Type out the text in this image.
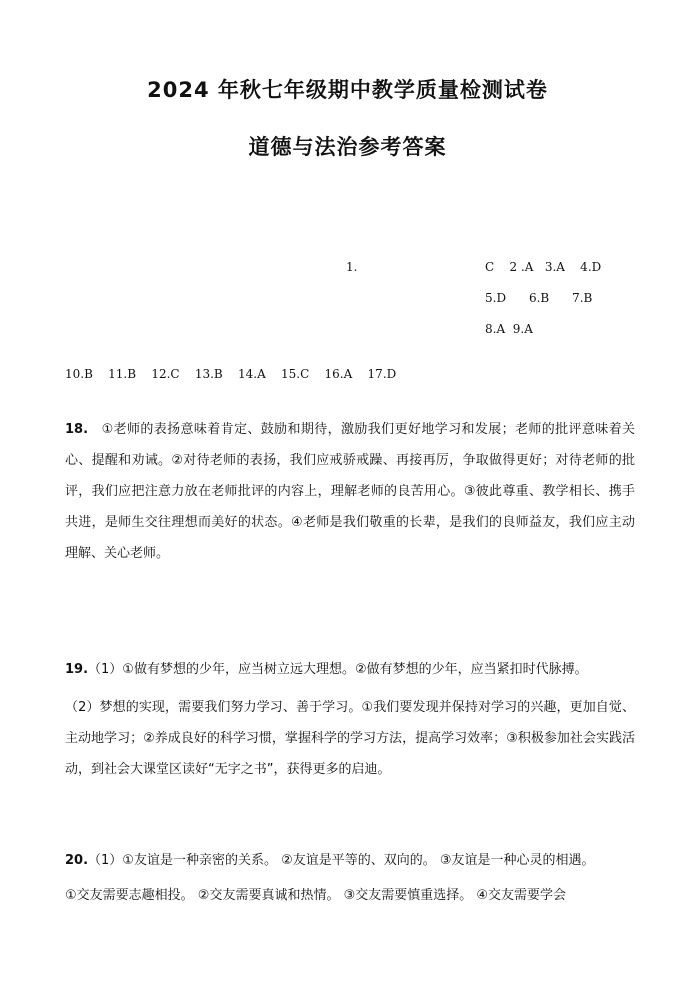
2024 年秋七年级期中教学质量检测试卷
道德与法治参考答案
1.	C    2 .A   3.A    4.D
5.D      6.B      7.B
8.A  9.A
10.B    11.B    12.C    13.B    14.A    15.C    16.A    17.D

18. ①老师的表扬意味着肯定、鼓励和期待，激励我们更好地学习和发展；老师的批评意味着关心、提醒和劝诫。②对待老师的表扬，我们应戒骄戒躁、再接再厉，争取做得更好；对待老师的批评，我们应把注意力放在老师批评的内容上，理解老师的良苦用心。③彼此尊重、教学相长、携手共进，是师生交往理想而美好的状态。④老师是我们敬重的长辈，是我们的良师益友，我们应主动理解、关心老师。

19.（1）①做有梦想的少年，应当树立远大理想。②做有梦想的少年，应当紧扣时代脉搏。

（2）梦想的实现，需要我们努力学习、善于学习。①我们要发现并保持对学习的兴趣，更加自觉、主动地学习；②养成良好的科学习惯，掌握科学的学习方法，提高学习效率；③积极参加社会实践活动，到社会大课堂区读好“无字之书”，获得更多的启迪。

20.（1）①友谊是一种亲密的关系。 ②友谊是平等的、双向的。 ③友谊是一种心灵的相遇。

①交友需要志趣相投。 ②交友需要真诚和热情。 ③交友需要慎重选择。 ④交友需要学会
